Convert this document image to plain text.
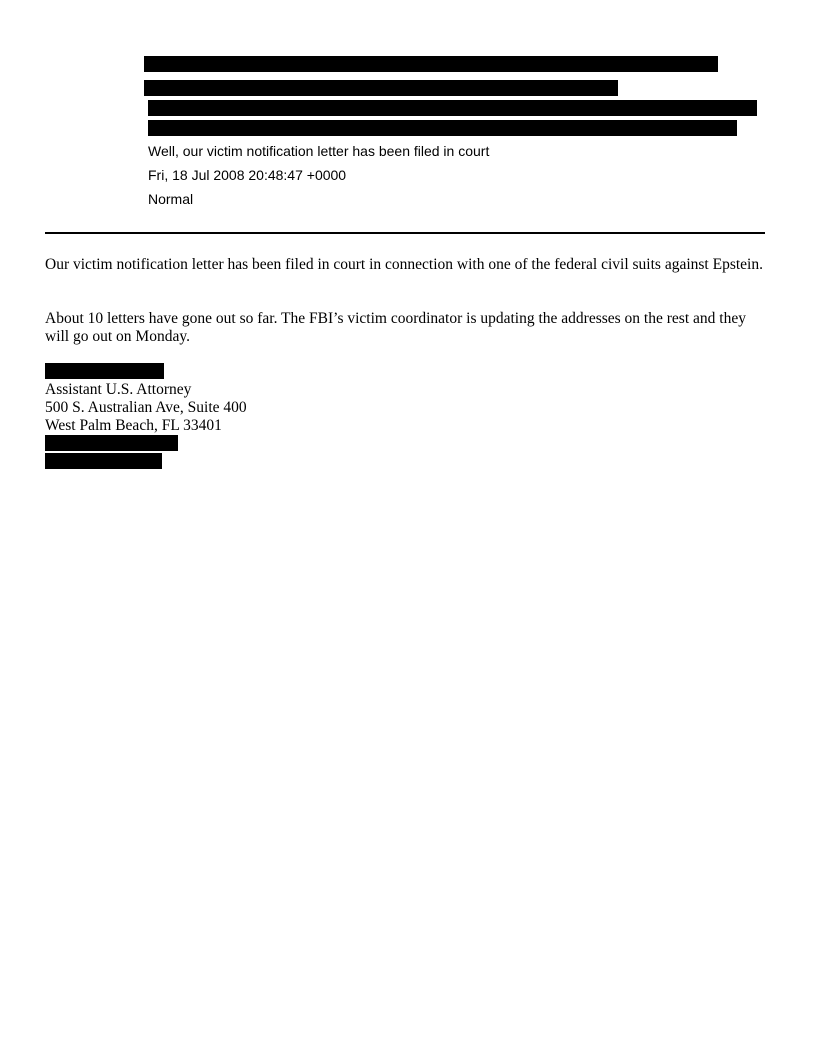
Well, our victim notification letter has been filed in court
Fri, 18 Jul 2008 20:48:47 +0000
Normal
Our victim notification letter has been filed in court in connection with one of the federal civil suits against Epstein.
About 10 letters have gone out so far. The FBI’s victim coordinator is updating the addresses on the rest and they will go out on Monday.
Assistant U.S. Attorney
500 S. Australian Ave, Suite 400
West Palm Beach, FL 33401
